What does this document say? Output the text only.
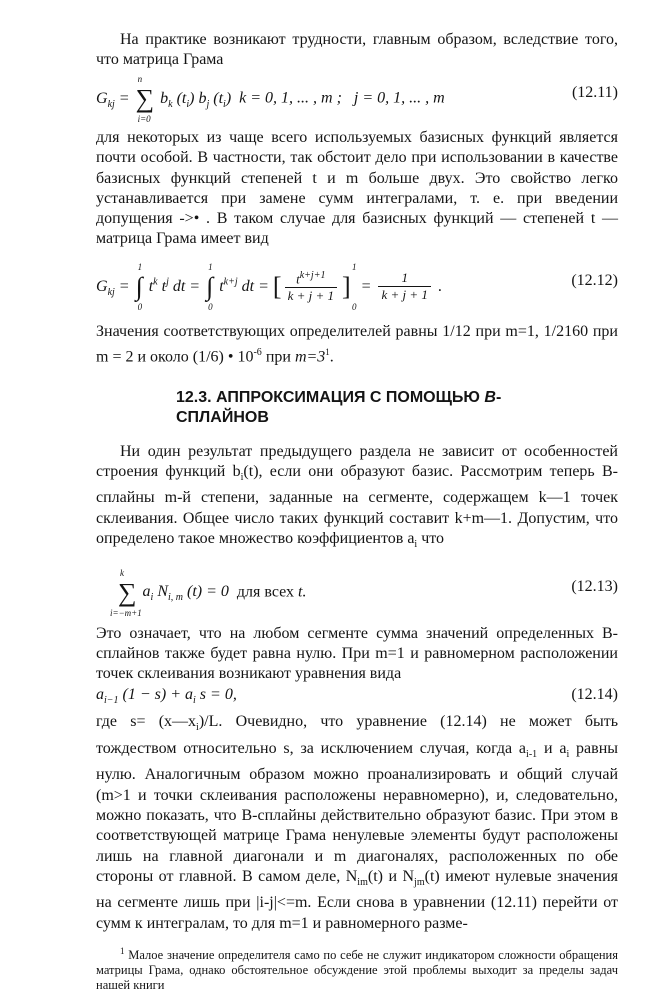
На практике возникают трудности, главным образом, вследствие того, что матрица Грама

$G_{kj}$ = ∑
n
i=0
$b_k$ $(t_i)$ $b_j$ $(t_i) k = 0$, 1, ... , m ; j = 0, 1, ... , m	(12.11)

для некоторых из чаще всего используемых базисных функций является почти особой. В частности, так обстоит дело при использовании в качестве базисных функций степеней t и m больше двух. Это свойство легко устанавливается при замене сумм интегралами, т. е. при введении допущения ->• . В таком случае для базисных функций — степеней t — матрица Грама имеет вид

$G_{kj}$ = ∫
1
0
$t^k$ $t^j$ dt = ∫
1
0
$t^{k+j}$ dt = [ $\frac{t^{k+j+1}}{k + j + 1}$ ]
1
0
= $\frac{1}{k + j + 1}$ .	(12.12)

Значения соответствующих определителей равны 1/12 при m=1, 1/2160 при m = 2 и около (1/6) • $10^{-6}$ при m=3$^1$.

12.3. АППРОКСИМАЦИЯ С ПОМОЩЬЮ В-
СПЛАЙНОВ

Ни один результат предыдущего раздела не зависит от особенностей строения функций $b_i(t)$, если они образуют базис. Рассмотрим теперь В-сплайны m-й степени, заданные на сегменте, содержащем k—1 точек склеивания. Общее число таких функций составит k+m—1. Допустим, что определено такое множество коэффициентов $a_i$ что

∑
k
i=−m+1
$a_i$ $N_{i, m}$ (t) = 0 для всех t.	(12.13)

Это означает, что на любом сегменте сумма значений определенных В-сплайнов также будет равна нулю. При m=1 и равномерном расположении точек склеивания возникают уравнения вида

$a_{i-1}$ $(1 - s) + a_i$ s = 0,	(12.14)

где $s= (x—x_i)/L$. Очевидно, что уравнение (12.14) не может быть тождеством относительно s, за исключением случая, когда $a_{i-1}$ и $a_i$ равны нулю. Аналогичным образом можно проанализировать и общий случай (m>1 и точки склеивания расположены неравномерно), и, следовательно, можно показать, что В-сплайны действительно образуют базис. При этом в соответствующей матрице Грама ненулевые элементы будут расположены лишь на главной диагонали и m диагоналях, расположенных по обе стороны от главной. В самом деле, $N_{im}(t)$ и $N_{jm}(t)$ имеют нулевые значения на сегменте лишь при |i-j|<=m. Если снова в уравнении (12.11) перейти от сумм к интегралам, то для m=1 и равномерного разме-

$^1$ Малое значение определителя само по себе не служит индикатором сложности обращения матрицы Грама, однако обстоятельное обсуждение этой проблемы выходит за пределы задач нашей книги
